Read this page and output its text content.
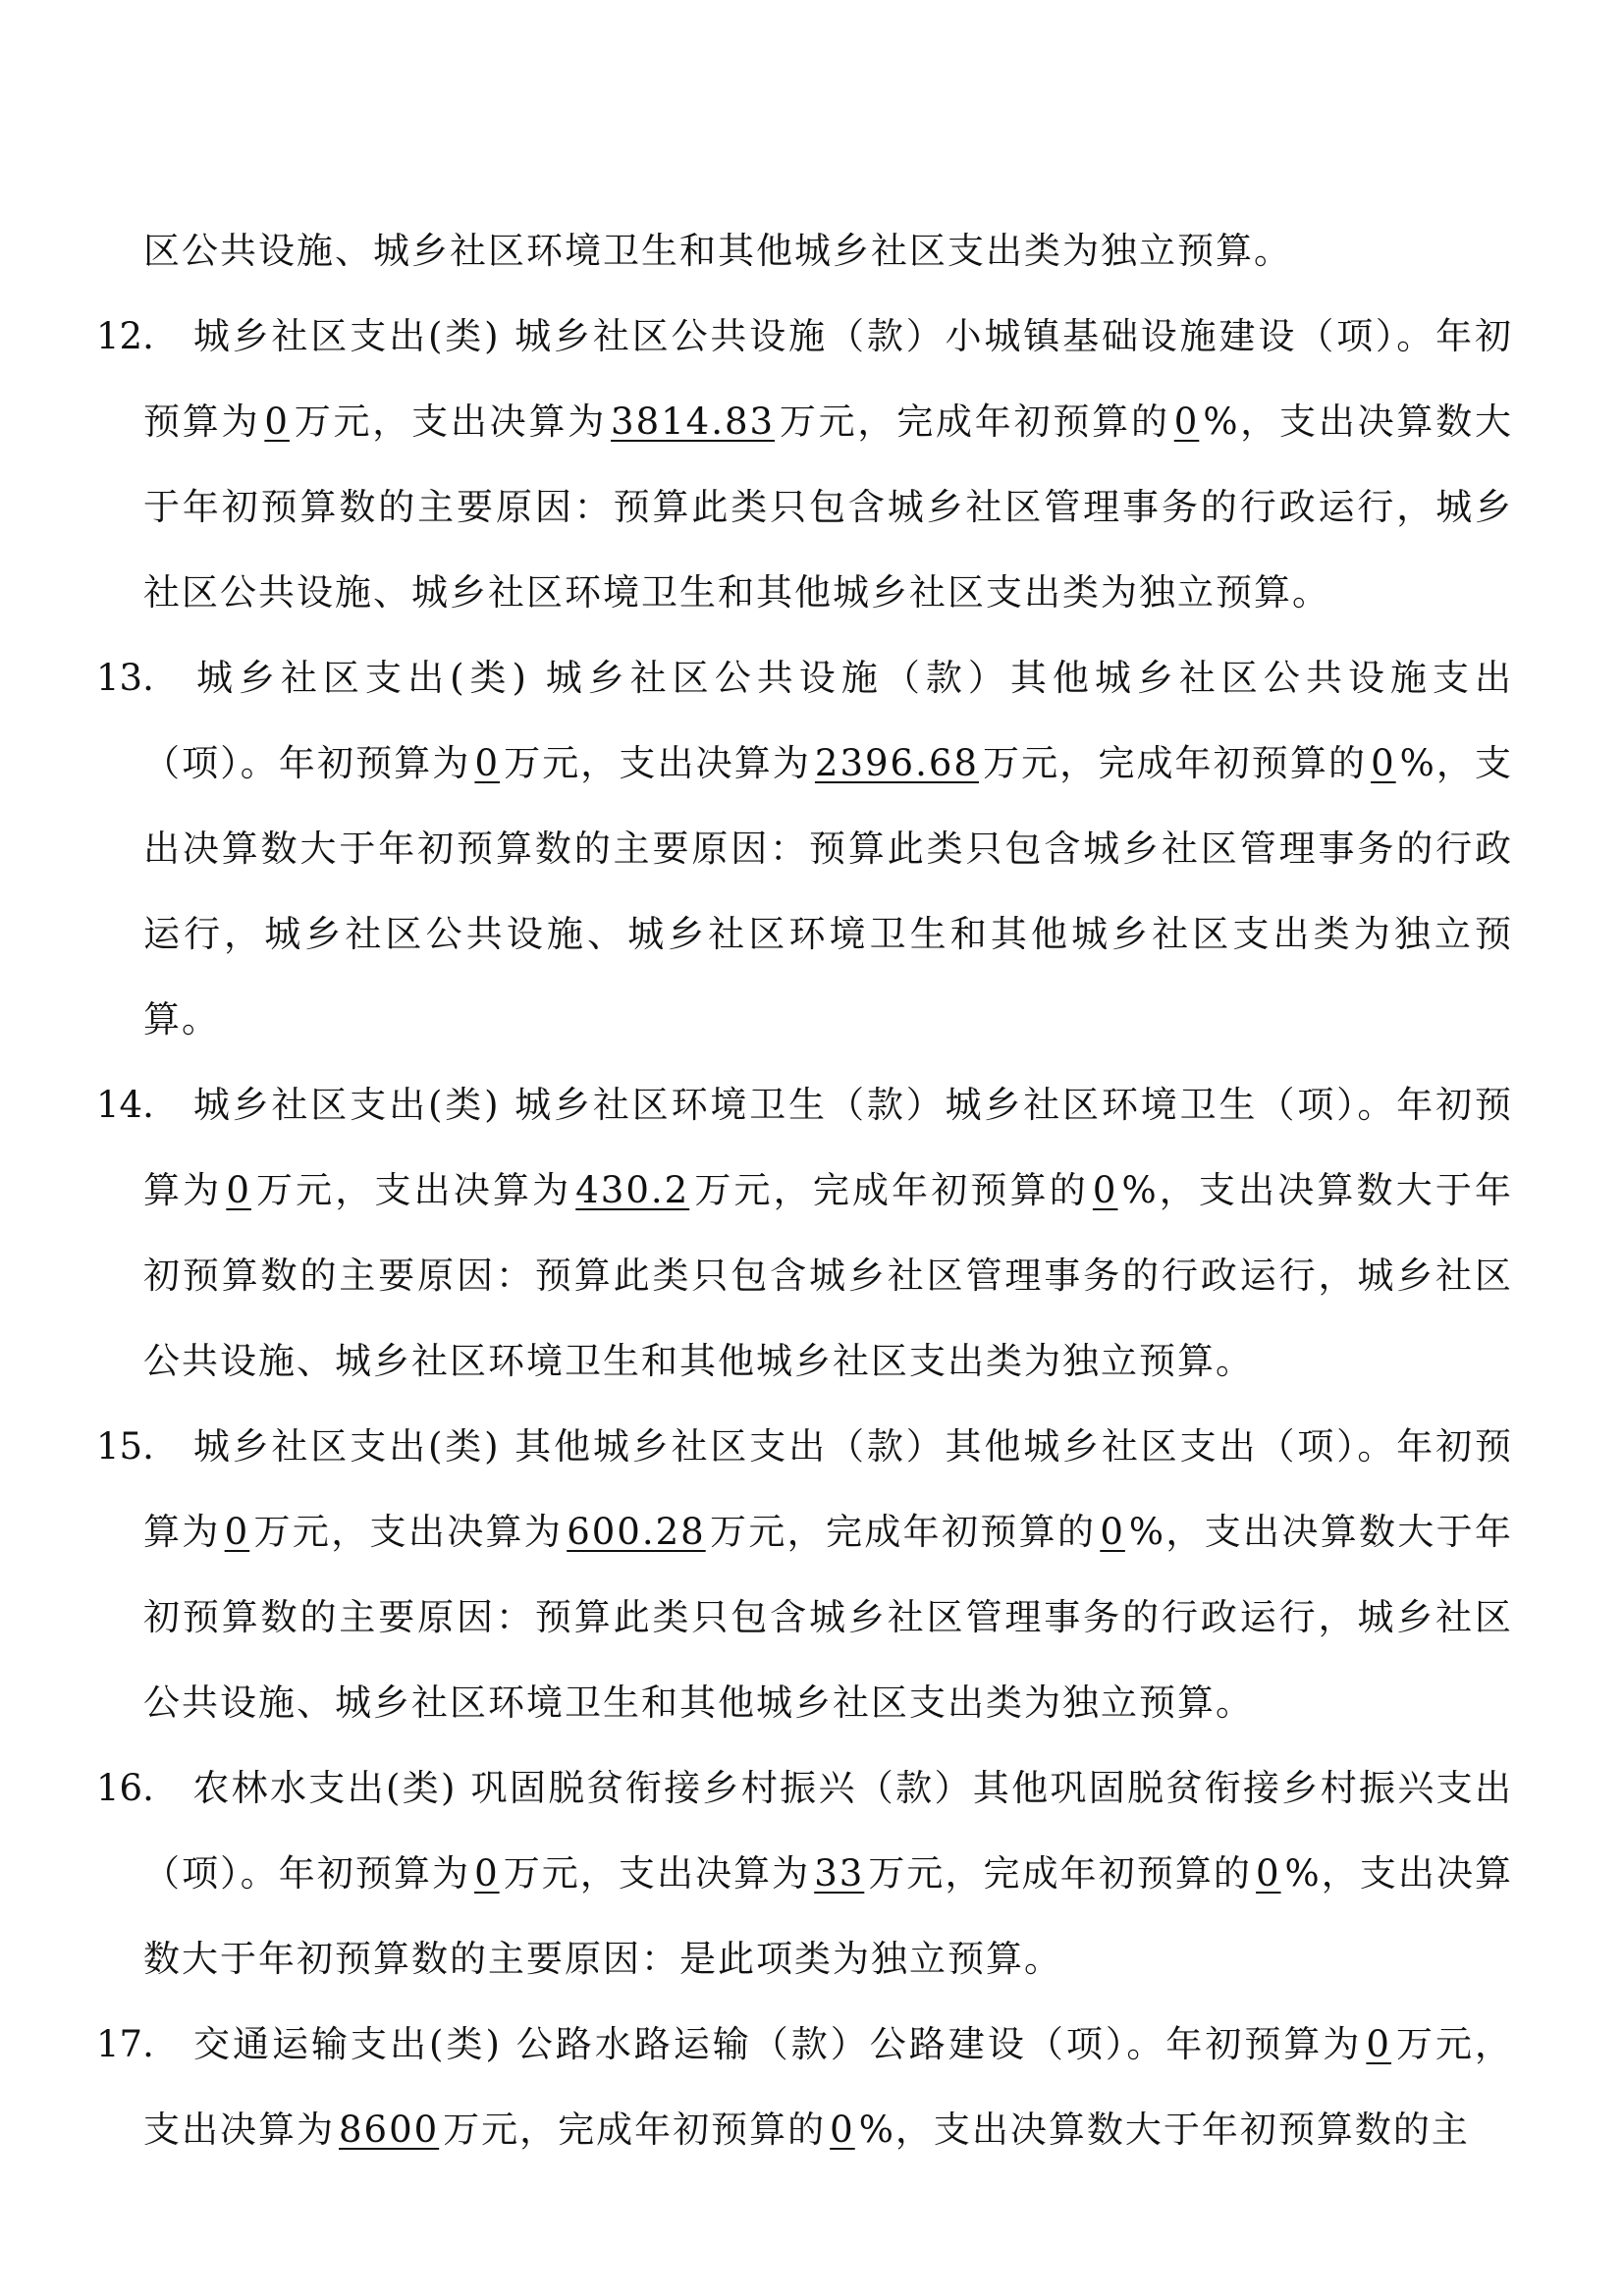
区公共设施、城乡社区环境卫生和其他城乡社区支出类为独立预算。
12. 城乡社区支出(类) 城乡社区公共设施（款）小城镇基础设施建设（项）。年初预算为 0 万元，支出决算为 3814.83 万元，完成年初预算的 0 %，支出决算数大于年初预算数的主要原因：预算此类只包含城乡社区管理事务的行政运行，城乡社区公共设施、城乡社区环境卫生和其他城乡社区支出类为独立预算。
13. 城乡社区支出(类) 城乡社区公共设施（款）其他城乡社区公共设施支出（项）。年初预算为 0 万元，支出决算为 2396.68 万元，完成年初预算的 0 %，支出决算数大于年初预算数的主要原因：预算此类只包含城乡社区管理事务的行政运行，城乡社区公共设施、城乡社区环境卫生和其他城乡社区支出类为独立预算。
14. 城乡社区支出(类) 城乡社区环境卫生（款）城乡社区环境卫生（项）。年初预算为 0 万元，支出决算为 430.2 万元，完成年初预算的 0 %，支出决算数大于年初预算数的主要原因：预算此类只包含城乡社区管理事务的行政运行，城乡社区公共设施、城乡社区环境卫生和其他城乡社区支出类为独立预算。
15. 城乡社区支出(类) 其他城乡社区支出（款）其他城乡社区支出（项）。年初预算为 0 万元，支出决算为 600.28 万元，完成年初预算的 0 %，支出决算数大于年初预算数的主要原因：预算此类只包含城乡社区管理事务的行政运行，城乡社区公共设施、城乡社区环境卫生和其他城乡社区支出类为独立预算。
16. 农林水支出(类) 巩固脱贫衔接乡村振兴（款）其他巩固脱贫衔接乡村振兴支出（项）。年初预算为 0 万元，支出决算为 33 万元，完成年初预算的 0 %，支出决算数大于年初预算数的主要原因：是此项类为独立预算。
17. 交通运输支出(类) 公路水路运输（款）公路建设（项）。年初预算为 0 万元，支出决算为 8600 万元，完成年初预算的 0 %，支出决算数大于年初预算数的主
